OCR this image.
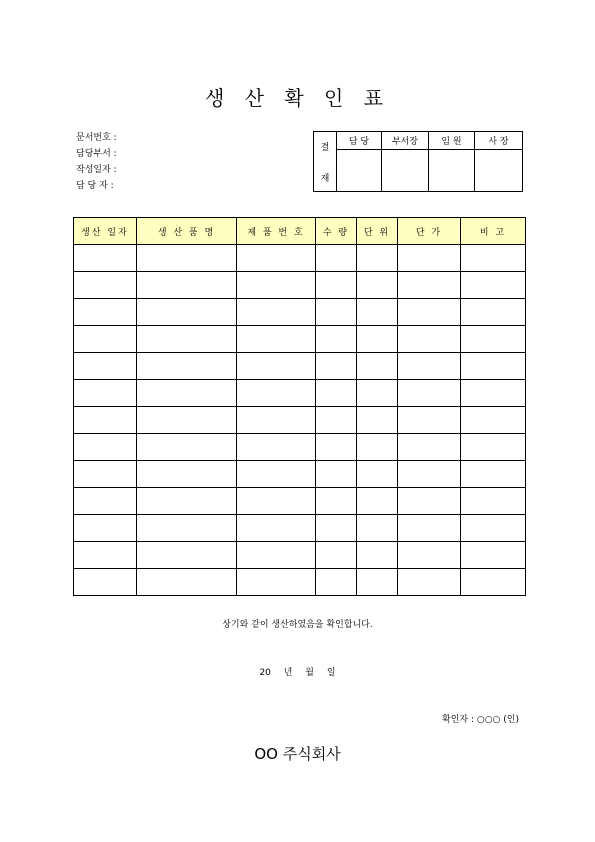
생 산 확 인 표
문서번호 :
담당부서 :
작성일자 :
담 당 자 :
결
재	담 당	부서장	임 원	사 장

생산 일자	생 산 품 명	제 품 번 호	수 량	단 위	단 가	비 고

상기와 같이 생산하였음을 확인합니다.
20 년 월 일
확인자 : ○○○ (인)
OO 주식회사
